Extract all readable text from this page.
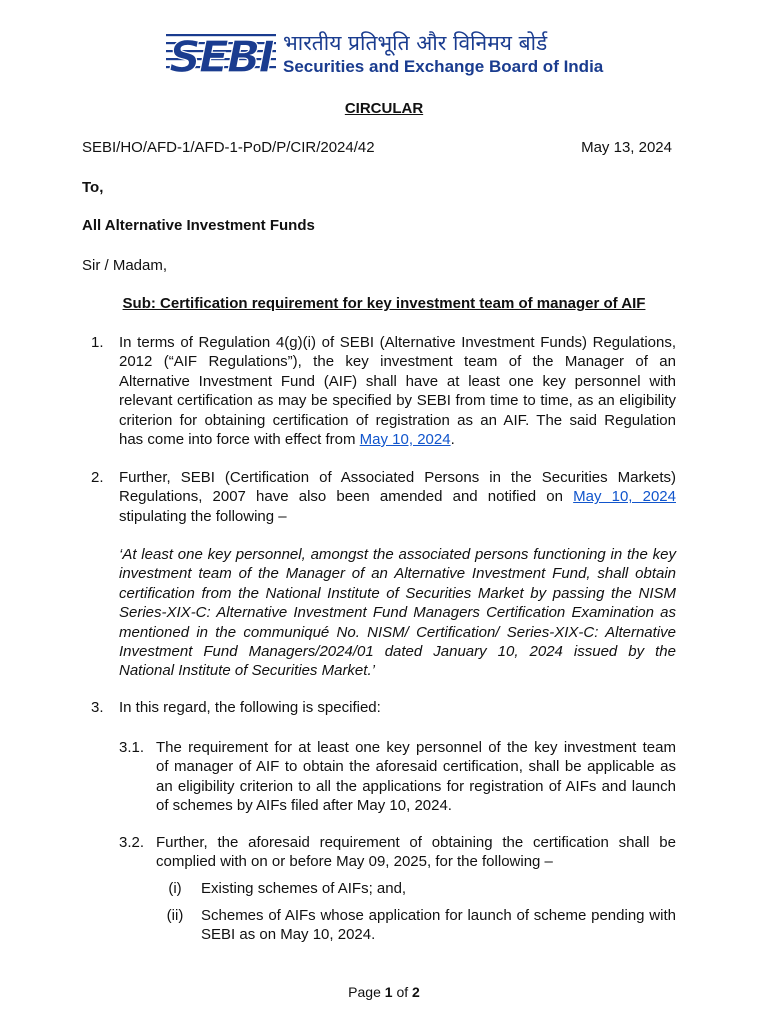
SEBI भारतीय प्रतिभूति और विनिमय बोर्ड
Securities and Exchange Board of India
CIRCULAR
SEBI/HO/AFD-1/AFD-1-PoD/P/CIR/2024/42	May 13, 2024
To,
All Alternative Investment Funds
Sir / Madam,
Sub: Certification requirement for key investment team of manager of AIF
1. In terms of Regulation 4(g)(i) of SEBI (Alternative Investment Funds) Regulations,
2012 (“AIF Regulations”), the key investment team of the Manager of an
Alternative Investment Fund (AIF) shall have at least one key personnel with
relevant certification as may be specified by SEBI from time to time, as an eligibility
criterion for obtaining certification of registration as an AIF. The said Regulation
has come into force with effect from May 10, 2024.
2. Further, SEBI (Certification of Associated Persons in the Securities Markets)
Regulations, 2007 have also been amended and notified on May 10, 2024
stipulating the following –
‘At least one key personnel, amongst the associated persons functioning in the key
investment team of the Manager of an Alternative Investment Fund, shall obtain
certification from the National Institute of Securities Market by passing the NISM
Series-XIX-C: Alternative Investment Fund Managers Certification Examination as
mentioned in the communiqué No. NISM/ Certification/ Series-XIX-C: Alternative
Investment Fund Managers/2024/01 dated January 10, 2024 issued by the
National Institute of Securities Market.’
3. In this regard, the following is specified:
3.1. The requirement for at least one key personnel of the key investment team
of manager of AIF to obtain the aforesaid certification, shall be applicable as
an eligibility criterion to all the applications for registration of AIFs and launch
of schemes by AIFs filed after May 10, 2024.
3.2. Further, the aforesaid requirement of obtaining the certification shall be
complied with on or before May 09, 2025, for the following –
(i) Existing schemes of AIFs; and,
(ii) Schemes of AIFs whose application for launch of scheme pending with
SEBI as on May 10, 2024.
Page 1 of 2
